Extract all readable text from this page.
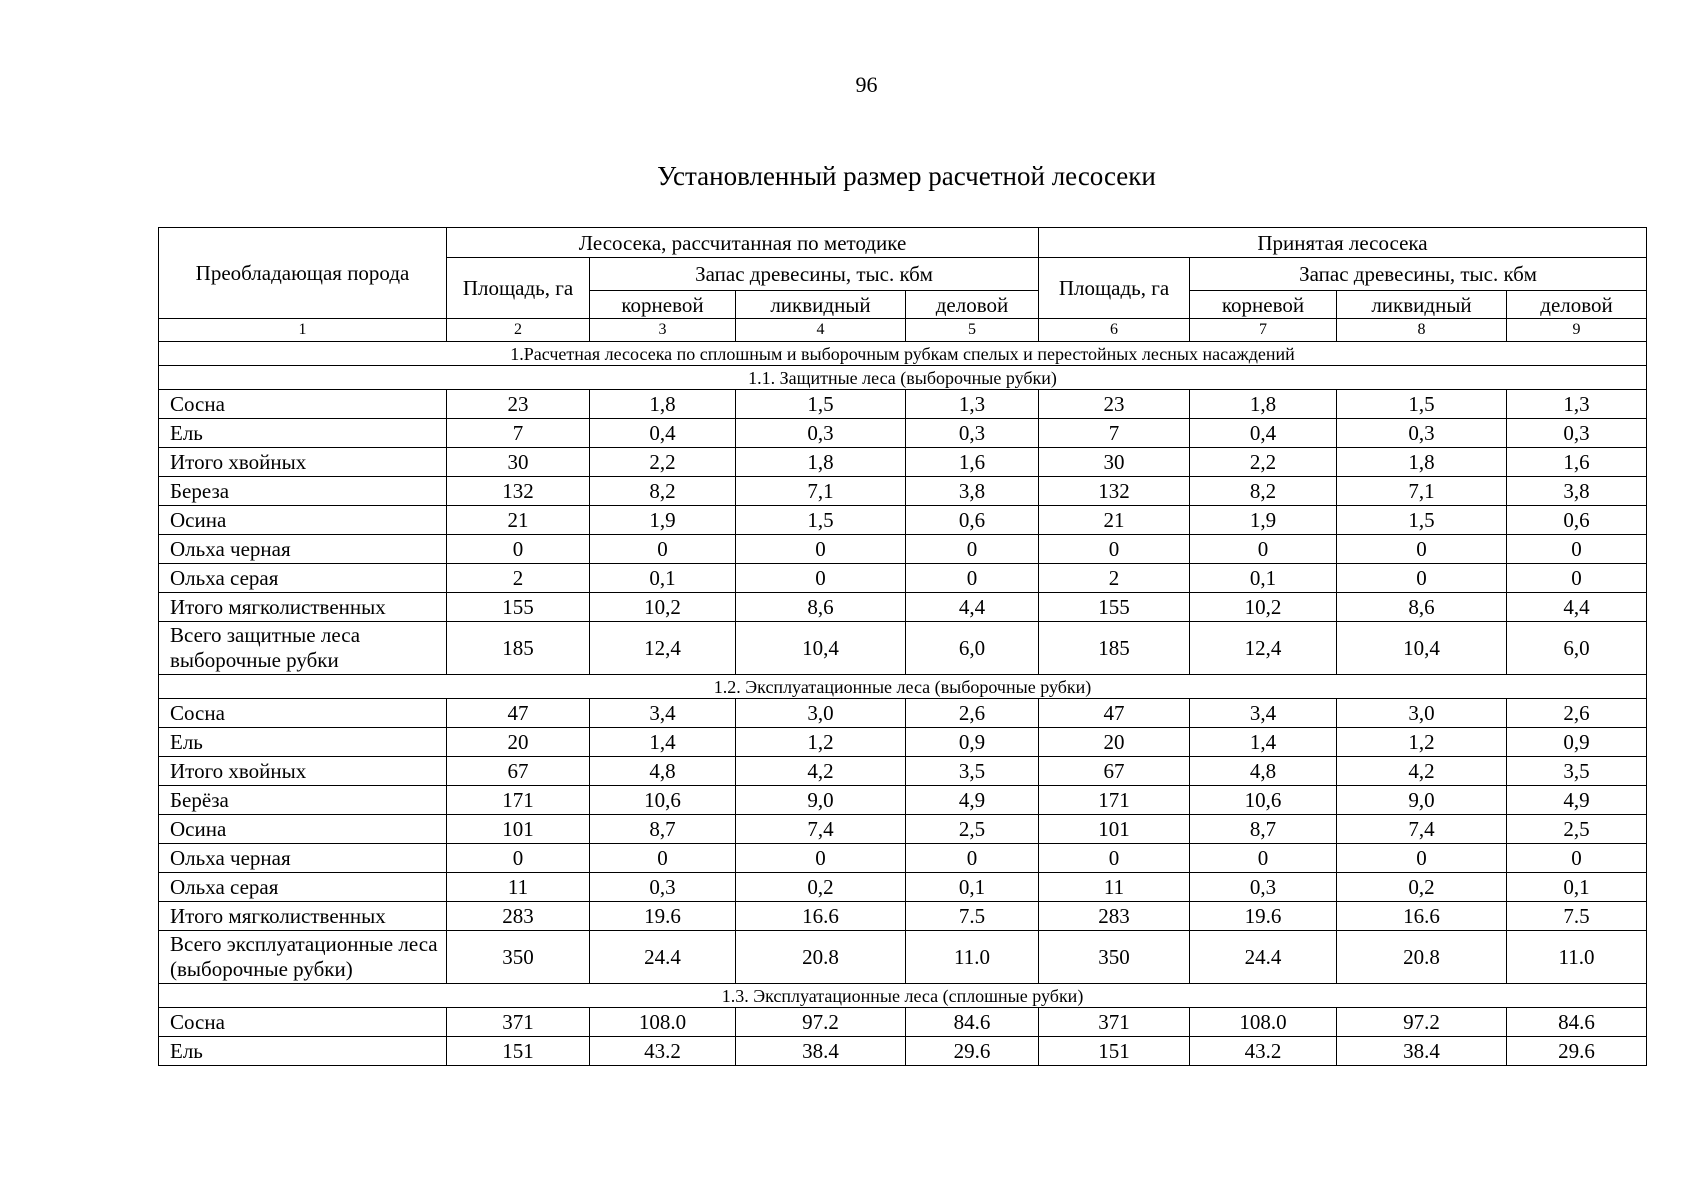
96
Установленный размер расчетной лесосеки
Преобладающая порода	Лесосека, рассчитанная по методике				Принятая лесосека			
	Площадь, га	Запас древесины, тыс. кбм			Площадь, га	Запас древесины, тыс. кбм		
		корневой	ликвидный	деловой		корневой	ликвидный	деловой
1	2	3	4	5	6	7	8	9
1.Расчетная лесосека по сплошным и выборочным рубкам спелых и перестойных лесных насаждений								
1.1. Защитные леса (выборочные рубки)								
Сосна	23	1,8	1,5	1,3	23	1,8	1,5	1,3
Ель	7	0,4	0,3	0,3	7	0,4	0,3	0,3
Итого хвойных	30	2,2	1,8	1,6	30	2,2	1,8	1,6
Береза	132	8,2	7,1	3,8	132	8,2	7,1	3,8
Осина	21	1,9	1,5	0,6	21	1,9	1,5	0,6
Ольха черная	0	0	0	0	0	0	0	0
Ольха серая	2	0,1	0	0	2	0,1	0	0
Итого мягколиственных	155	10,2	8,6	4,4	155	10,2	8,6	4,4
Всего защитные леса выборочные рубки	185	12,4	10,4	6,0	185	12,4	10,4	6,0
1.2. Эксплуатационные леса (выборочные рубки)								
Сосна	47	3,4	3,0	2,6	47	3,4	3,0	2,6
Ель	20	1,4	1,2	0,9	20	1,4	1,2	0,9
Итого хвойных	67	4,8	4,2	3,5	67	4,8	4,2	3,5
Берёза	171	10,6	9,0	4,9	171	10,6	9,0	4,9
Осина	101	8,7	7,4	2,5	101	8,7	7,4	2,5
Ольха черная	0	0	0	0	0	0	0	0
Ольха серая	11	0,3	0,2	0,1	11	0,3	0,2	0,1
Итого мягколиственных	283	19.6	16.6	7.5	283	19.6	16.6	7.5
Всего эксплуатационные леса (выборочные рубки)	350	24.4	20.8	11.0	350	24.4	20.8	11.0
1.3. Эксплуатационные леса (сплошные рубки)								
Сосна	371	108.0	97.2	84.6	371	108.0	97.2	84.6
Ель	151	43.2	38.4	29.6	151	43.2	38.4	29.6
